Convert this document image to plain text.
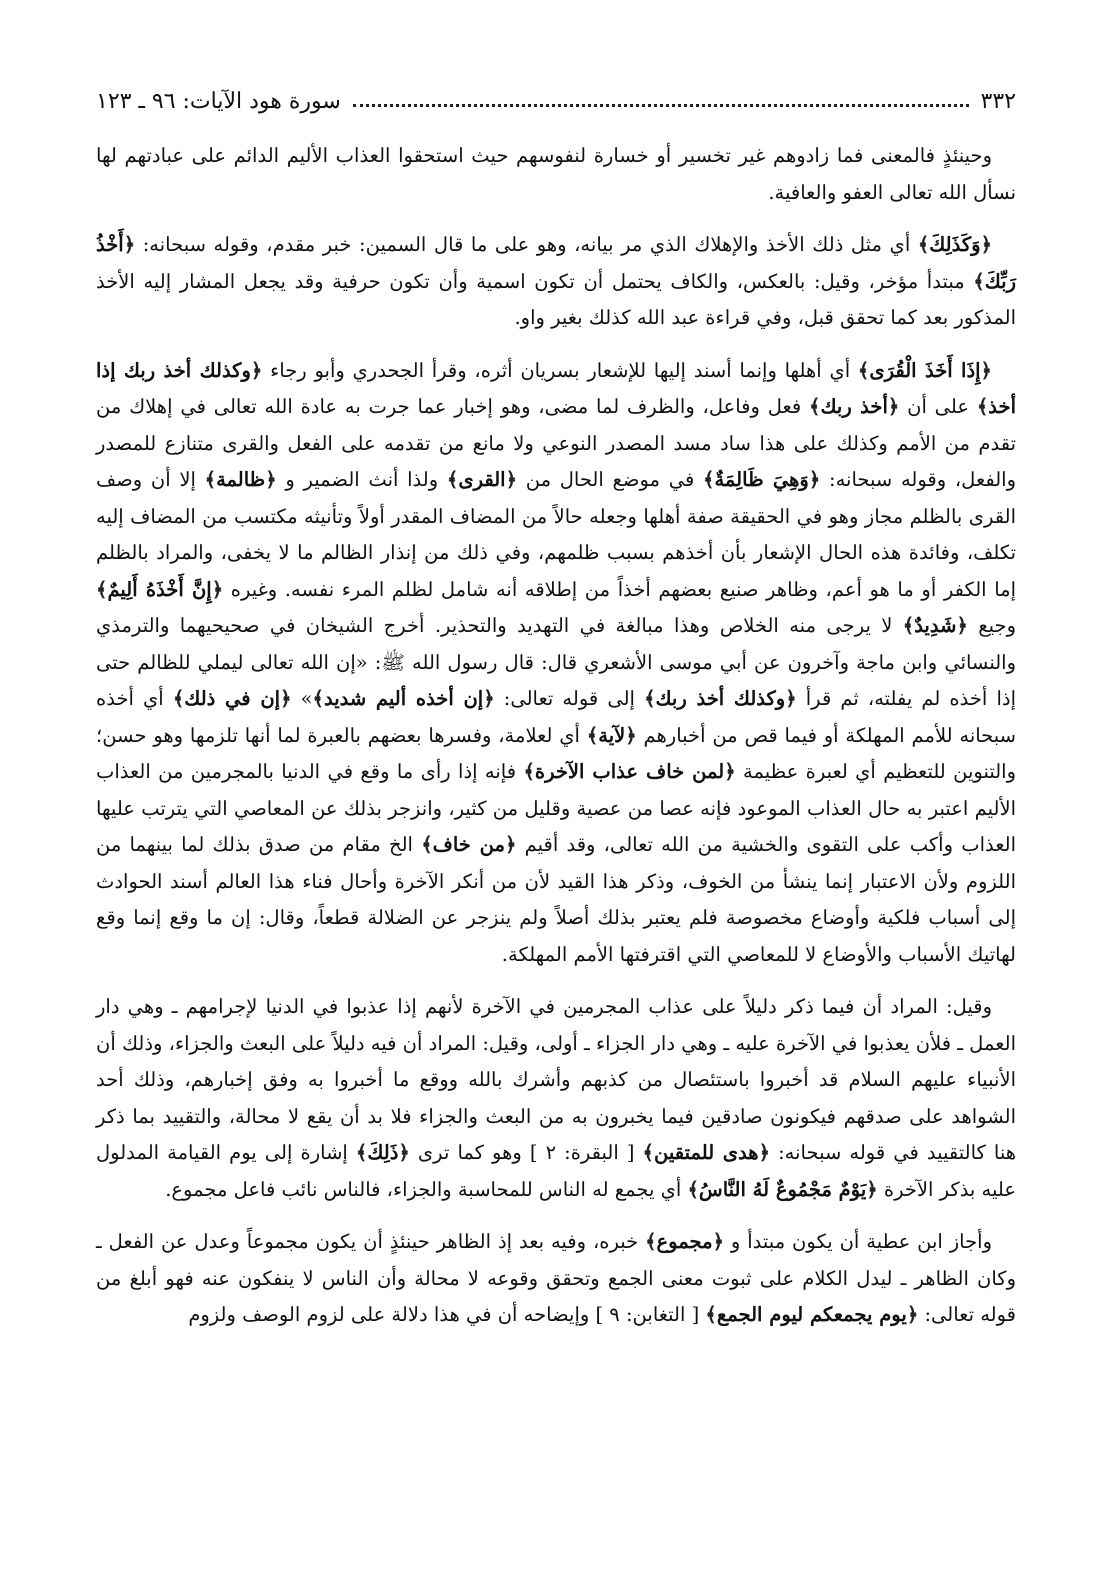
٣٣٢
سورة هود الآيات: ٩٦ ـ ١٢٣

وحينئذٍ فالمعنى فما زادوهم غير تخسير أو خسارة لنفوسهم حيث استحقوا العذاب الأليم الدائم على عبادتهم لها نسأل الله تعالى العفو والعافية.

﴿وَكَذَلِكَ﴾ أي مثل ذلك الأخذ والإهلاك الذي مر بيانه، وهو على ما قال السمين: خبر مقدم، وقوله سبحانه: ﴿أَخْذُ رَبِّكَ﴾ مبتدأ مؤخر، وقيل: بالعكس، والكاف يحتمل أن تكون اسمية وأن تكون حرفية وقد يجعل المشار إليه الأخذ المذكور بعد كما تحقق قبل، وفي قراءة عبد الله كذلك بغير واو.

﴿إِذَا أَخَذَ الْقُرَى﴾ أي أهلها وإنما أسند إليها للإشعار بسريان أثره، وقرأ الجحدري وأبو رجاء ﴿وكذلك أخذ ربك إذا أخذ﴾ على أن ﴿أخذ ربك﴾ فعل وفاعل، والظرف لما مضى، وهو إخبار عما جرت به عادة الله تعالى في إهلاك من تقدم من الأمم وكذلك على هذا ساد مسد المصدر النوعي ولا مانع من تقدمه على الفعل والقرى متنازع للمصدر والفعل، وقوله سبحانه: ﴿وَهِيَ ظَالِمَةٌ﴾ في موضع الحال من ﴿القرى﴾ ولذا أنث الضمير و ﴿ظالمة﴾ إلا أن وصف القرى بالظلم مجاز وهو في الحقيقة صفة أهلها وجعله حالاً من المضاف المقدر أولاً وتأنيثه مكتسب من المضاف إليه تكلف، وفائدة هذه الحال الإشعار بأن أخذهم بسبب ظلمهم، وفي ذلك من إنذار الظالم ما لا يخفى، والمراد بالظلم إما الكفر أو ما هو أعم، وظاهر صنيع بعضهم أخذاً من إطلاقه أنه شامل لظلم المرء نفسه. وغيره ﴿إِنَّ أَخْذَهُ أَلِيمٌ﴾ وجيع ﴿شَدِيدٌ﴾ لا يرجى منه الخلاص وهذا مبالغة في التهديد والتحذير. أخرج الشيخان في صحيحيهما والترمذي والنسائي وابن ماجة وآخرون عن أبي موسى الأشعري قال: قال رسول الله ﷺ: «إن الله تعالى ليملي للظالم حتى إذا أخذه لم يفلته، ثم قرأ ﴿وكذلك أخذ ربك﴾ إلى قوله تعالى: ﴿إن أخذه أليم شديد﴾» ﴿إن في ذلك﴾ أي أخذه سبحانه للأمم المهلكة أو فيما قص من أخبارهم ﴿لآية﴾ أي لعلامة، وفسرها بعضهم بالعبرة لما أنها تلزمها وهو حسن؛ والتنوين للتعظيم أي لعبرة عظيمة ﴿لمن خاف عذاب الآخرة﴾ فإنه إذا رأى ما وقع في الدنيا بالمجرمين من العذاب الأليم اعتبر به حال العذاب الموعود فإنه عصا من عصية وقليل من كثير، وانزجر بذلك عن المعاصي التي يترتب عليها العذاب وأكب على التقوى والخشية من الله تعالى، وقد أقيم ﴿من خاف﴾ الخ مقام من صدق بذلك لما بينهما من اللزوم ولأن الاعتبار إنما ينشأ من الخوف، وذكر هذا القيد لأن من أنكر الآخرة وأحال فناء هذا العالم أسند الحوادث إلى أسباب فلكية وأوضاع مخصوصة فلم يعتبر بذلك أصلاً ولم ينزجر عن الضلالة قطعاً، وقال: إن ما وقع إنما وقع لهاتيك الأسباب والأوضاع لا للمعاصي التي اقترفتها الأمم المهلكة.

وقيل: المراد أن فيما ذكر دليلاً على عذاب المجرمين في الآخرة لأنهم إذا عذبوا في الدنيا لإجرامهم ـ وهي دار العمل ـ فلأن يعذبوا في الآخرة عليه ـ وهي دار الجزاء ـ أولى، وقيل: المراد أن فيه دليلاً على البعث والجزاء، وذلك أن الأنبياء عليهم السلام قد أخبروا باستئصال من كذبهم وأشرك بالله ووقع ما أخبروا به وفق إخبارهم، وذلك أحد الشواهد على صدقهم فيكونون صادقين فيما يخبرون به من البعث والجزاء فلا بد أن يقع لا محالة، والتقييد بما ذكر هنا كالتقييد في قوله سبحانه: ﴿هدى للمتقين﴾ [ البقرة: ٢ ] وهو كما ترى ﴿ذَلِكَ﴾ إشارة إلى يوم القيامة المدلول عليه بذكر الآخرة ﴿يَوْمٌ مَجْمُوعٌ لَهُ النَّاسُ﴾ أي يجمع له الناس للمحاسبة والجزاء، فالناس نائب فاعل مجموع.

وأجاز ابن عطية أن يكون مبتدأ و ﴿مجموع﴾ خبره، وفيه بعد إذ الظاهر حينئذٍ أن يكون مجموعاً وعدل عن الفعل ـ وكان الظاهر ـ ليدل الكلام على ثبوت معنى الجمع وتحقق وقوعه لا محالة وأن الناس لا ينفكون عنه فهو أبلغ من قوله تعالى: ﴿يوم يجمعكم ليوم الجمع﴾ [ التغابن: ٩ ] وإيضاحه أن في هذا دلالة على لزوم الوصف ولزوم
